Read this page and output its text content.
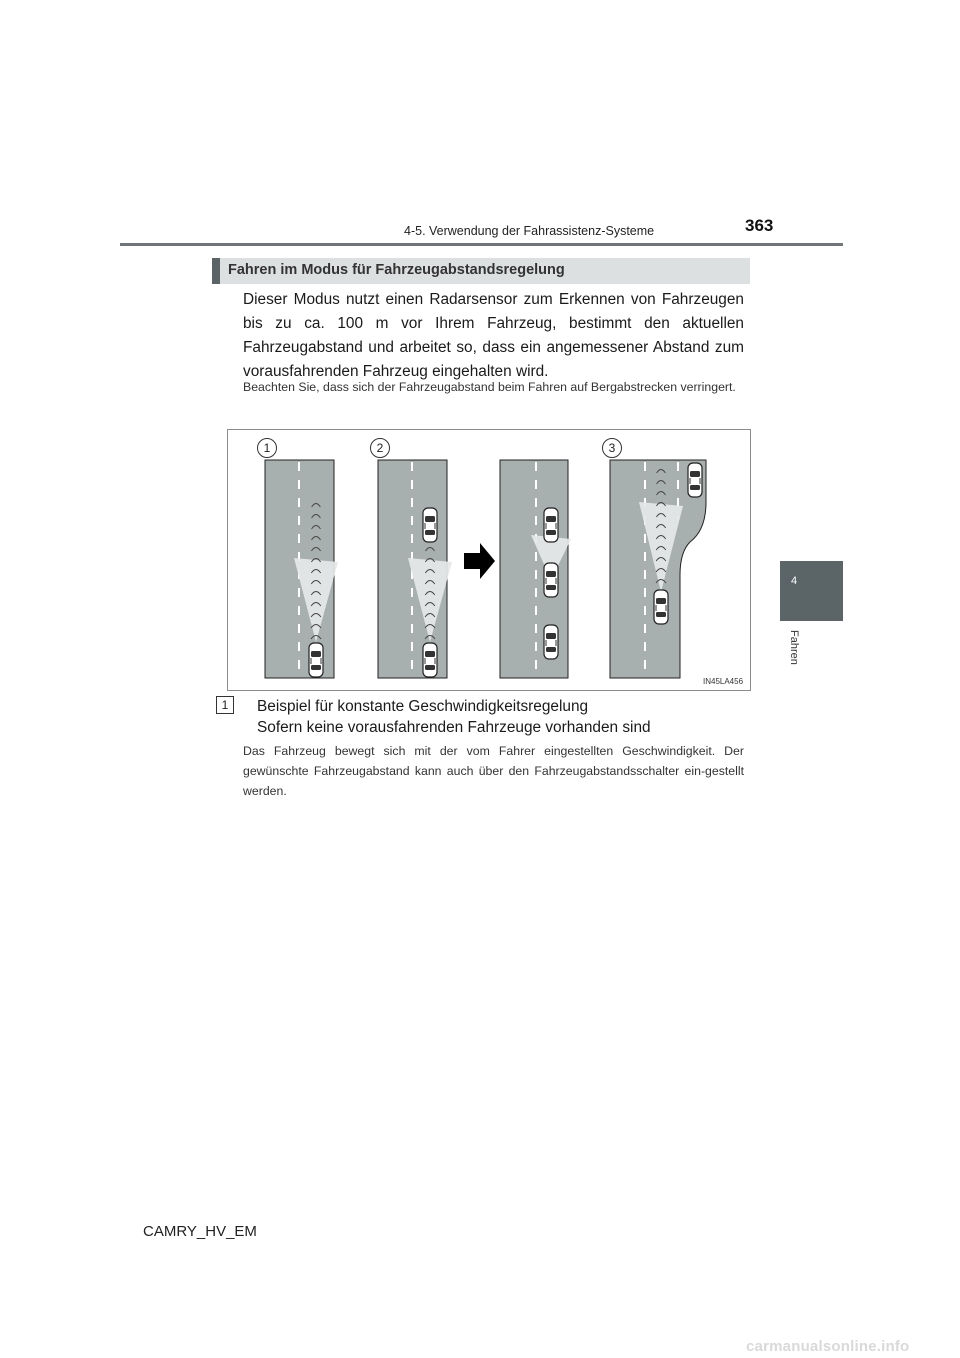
4-5. Verwendung der Fahrassistenz-Systeme	363
4
Fahren
Fahren im Modus für Fahrzeugabstandsregelung
Dieser Modus nutzt einen Radarsensor zum Erkennen von Fahrzeugen bis zu ca. 100 m vor Ihrem Fahrzeug, bestimmt den aktuellen Fahrzeugabstand und arbeitet so, dass ein angemessener Abstand zum vorausfahrenden Fahrzeug eingehalten wird.
Beachten Sie, dass sich der Fahrzeugabstand beim Fahren auf Bergabstrecken verringert.
1	2	3
IN45LA456
1	Beispiel für konstante Geschwindigkeitsregelung
Sofern keine vorausfahrenden Fahrzeuge vorhanden sind
Das Fahrzeug bewegt sich mit der vom Fahrer eingestellten Geschwindigkeit. Der gewünschte Fahrzeugabstand kann auch über den Fahrzeugabstandsschalter ein-gestellt werden.
CAMRY_HV_EM
carmanualsonline.info
